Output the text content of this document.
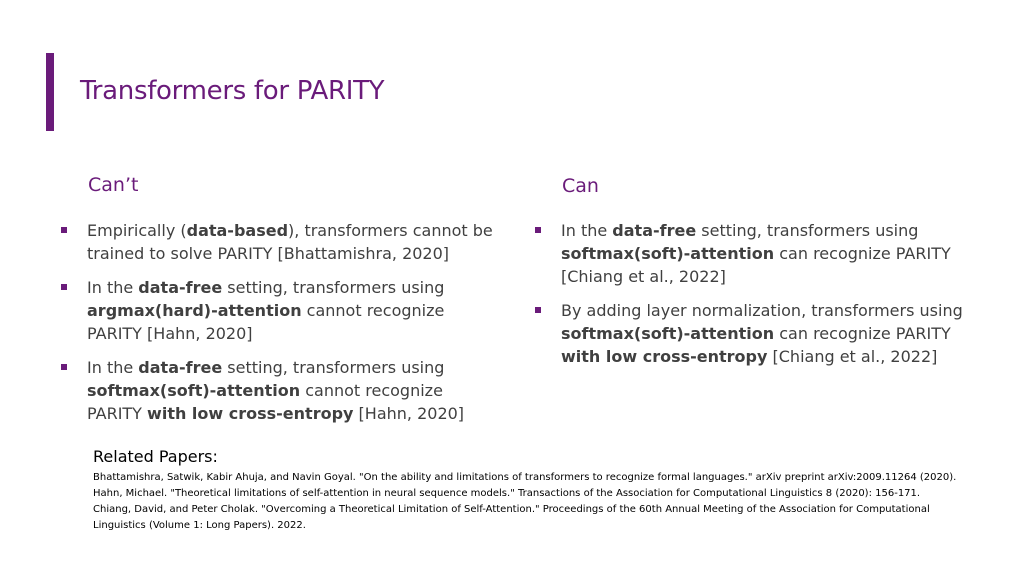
Transformers for PARITY
Can’t
Empirically (data-based), transformers cannot be trained to solve PARITY [Bhattamishra, 2020]
In the data-free setting, transformers using argmax(hard)-attention cannot recognize PARITY [Hahn, 2020]
In the data-free setting, transformers using softmax(soft)-attention cannot recognize PARITY with low cross-entropy [Hahn, 2020]
Can
In the data-free setting, transformers using softmax(soft)-attention can recognize PARITY [Chiang et al., 2022]
By adding layer normalization, transformers using softmax(soft)-attention can recognize PARITY with low cross-entropy [Chiang et al., 2022]

Related Papers:

Bhattamishra, Satwik, Kabir Ahuja, and Navin Goyal. "On the ability and limitations of transformers to recognize formal languages." arXiv preprint arXiv:2009.11264 (2020).

Hahn, Michael. "Theoretical limitations of self-attention in neural sequence models." Transactions of the Association for Computational Linguistics 8 (2020): 156-171.

Chiang, David, and Peter Cholak. "Overcoming a Theoretical Limitation of Self-Attention." Proceedings of the 60th Annual Meeting of the Association for Computational Linguistics (Volume 1: Long Papers). 2022.
